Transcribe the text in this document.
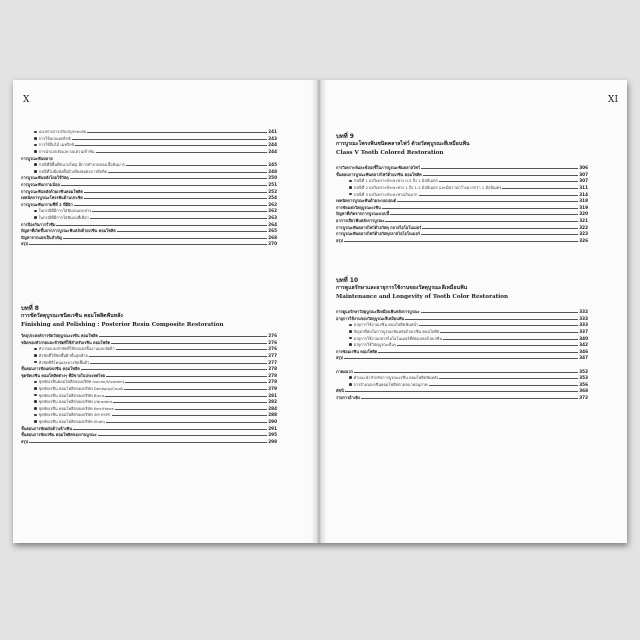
X
แนวทางการปรับปรุงระยะต่อ	241
การใช้แถบเมทริกซ์	243
การใช้ลิ่มไม้ เมทริกซ์	244
การนำแถบรัดและวงแหวนเข้าฟัน	244
การบูรณะฟันหลาย
กรณีที่มีพื้นที่ขนาดใหญ่ มีการทำลายของเนื้อฟันมาก	245
กรณีที่ไม่มีผนังพื้นผิวเพียงพอต่อการยึดติด	248
การบูรณะฟันหลังโดยใช้วัสดุ	250
การบูรณะฟันกรามน้อย	251
การบูรณะฟันหลังด้วยเรซินคอมโพสิต	252
เทคนิคการบูรณะโพรงฟันด้านประชิด	254
การบูรณะฟันกรามซี่ที่ 2 ที่มีผิว	262
ในกรณีที่มีการใส่ฟันบนและล่าง	262
ในกรณีที่มีการใส่ฟันบนซี่เดียว	263
การป้องกันการรั่วซึม	264
ปัญหาที่เกิดขึ้นจากการบูรณะฟันหลังด้วยเรซิน คอมโพสิต	265
ปัญหาจากแสงเป็นสำคัญ	268
สรุป	270
บทที่ 8
การขัดวัสดุบูรณะชนิดเรซิน คอมโพสิตฟันหลัง
Finishing and Polishing : Posterior Resin Composite Restoration
วัตถุประสงค์การขัดวัสดุบูรณะเรซิน คอมโพสิต	276
ชนิดของหัวกรอและหัวขัดที่ใช้สำหรับเรซิน คอมโพสิต	276
หัวกรอและหัวขัดที่ใช้ตกแต่งชิ้นงานและขัดผิว	276
หัวขัดที่ใช้ขัดพื้นผิวขั้นสุดท้าย	277
หัวขัดซิลิโคนและยางขัดพื้นผิว	277
ขั้นตอนการขัดแต่งเรซิน คอมโพสิต	278
ชุดขัดเรซิน คอมโพสิตต่างๆ ที่มีขายในประเทศไทย	278
ชุดขัดเรซินคอมโพสิตของบริษัท Ivoclar/Vivadent	278
ชุดขัดเรซิน คอมโพสิตของบริษัท Dentsply/Caulk	279
ชุดขัดเรซิน คอมโพสิตของบริษัท Bisco	281
ชุดขัดเรซิน คอมโพสิตของบริษัท Ultradent	282
ชุดขัดเรซิน คอมโพสิตของบริษัท Kerr/Hawe	284
ชุดขัดเรซิน คอมโพสิตของบริษัท 3M ESPE	288
ชุดขัดเรซิน คอมโพสิตของบริษัท Shofu	290
ขั้นตอนการขัดผนังด้านข้างฟัน	291
ขั้นตอนการขัดเรซิน คอมโพสิตของงานบูรณะ	295
สรุป	298
XI
บทที่ 9
การบูรณะโพรงฟันชนิดคลาสไฟว์ ด้วยวัสดุบูรณะสีเหมือนฟัน
Class V Tooth Colored Restoration
การวิเคราะห์และข้อบ่งชี้ในการบูรณะฟันคลาสไฟว์	306
ขั้นตอนการบูรณะฟันคลาสไฟว์ด้วยเรซิน คอมโพสิต	307
กรณีที่ 1 ผลวิเคราะห์ระยะห่าง 0.5 ถึง 1 มิลลิเมตร	307
กรณีที่ 2 ผลวิเคราะห์ระยะห่าง 1 ถึง 1.5 มิลลิเมตร และมีความกว้างมากกว่า 1 มิลลิเมตร	311
กรณีที่ 3 ผลวิเคราะห์ระยะห่างเกินมาก	314
เทคนิคการบูรณะฟันด้วยระบบบอนด์	318
การขัดแต่งวัสดุบูรณะเรซิน	319
ปัญหาที่เกิดจากการบูรณะแบบนี้	320
อาการเสียวฟันหลังการบูรณะ	321
การบูรณะฟันคลาสไฟว์ด้วยวัสดุ กลาสไอโอโนเมอร์	322
การบูรณะฟันคลาสไฟว์ด้วยวัสดุกลาสไอโอโนเมอร์	323
สรุป	326
บทที่ 10
การดูแลรักษาและอายุการใช้งานของวัสดุบูรณะสีเหมือนฟัน
Maintenance and Longevity of Tooth Color Restoration
การดูแลรักษาวัสดุบูรณะสีเหมือนฟันหลังการบูรณะ	332
อายุการใช้งานของวัสดุบูรณะสีเหมือนฟัน	333
อายุการใช้งานเรซิน คอมโพสิตฟันหน้า	333
ปัญหาที่พบในการบูรณะฟันหลังด้วยเรซิน คอมโพสิต	337
อายุการใช้งานกลาสไอโอโนเมอร์ที่ดัดแปลงด้วยเรซิน	340
อายุการใช้วัสดุบูรณะอื่นๆ	342
การซ่อมเรซิน คอมโพสิต	346
สรุป	347
ภาคผนวก	352
คำแนะนำสำหรับการบูรณะเรซิน คอมโพสิตฟันหลัง	353
การจำแนกเรซินคอมโพสิตตามขนาดอนุภาค	356
ดัชนี	368
รายการอ้างอิง	372
